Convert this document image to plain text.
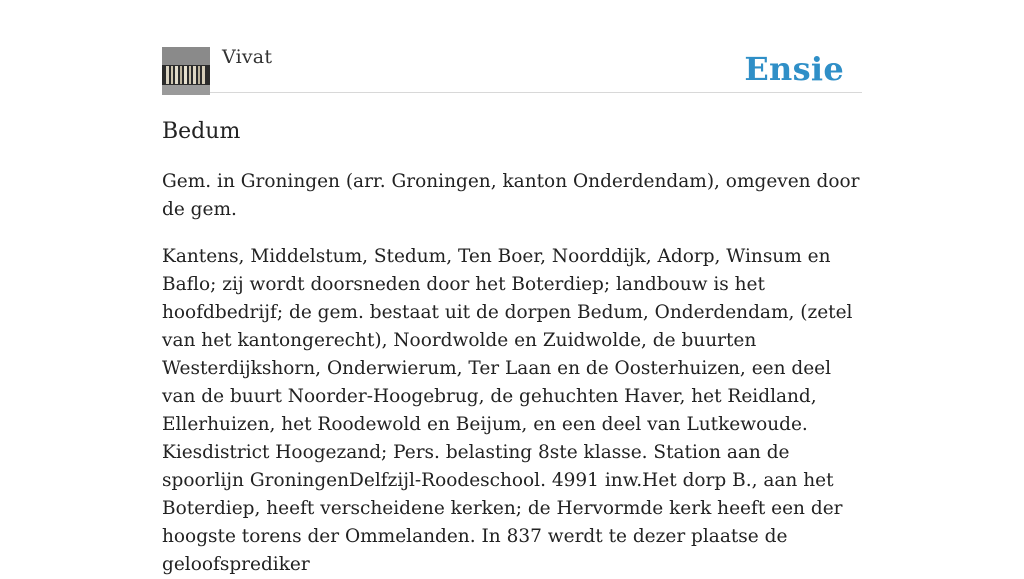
Vivat	Ensie
Bedum

Gem. in Groningen (arr. Groningen, kanton Onderdendam), omgeven door de gem.

Kantens, Middelstum, Stedum, Ten Boer, Noorddijk, Adorp, Winsum en Baflo; zij wordt doorsneden door het Boterdiep; landbouw is het hoofdbedrijf; de gem. bestaat uit de dorpen Bedum, Onderdendam, (zetel van het kantongerecht), Noordwolde en Zuidwolde, de buurten Westerdijkshorn, Onderwierum, Ter Laan en de Oosterhuizen, een deel van de buurt Noorder-Hoogebrug, de gehuchten Haver, het Reidland, Ellerhuizen, het Roodewold en Beijum, en een deel van Lutkewoude. Kiesdistrict Hoogezand; Pers. belasting 8ste klasse. Station aan de spoorlijn GroningenDelfzijl-Roodeschool. 4991 inw.Het dorp B., aan het Boterdiep, heeft verscheidene kerken; de Hervormde kerk heeft een der hoogste torens der Ommelanden. In 837 werdt te dezer plaatse de geloofsprediker
